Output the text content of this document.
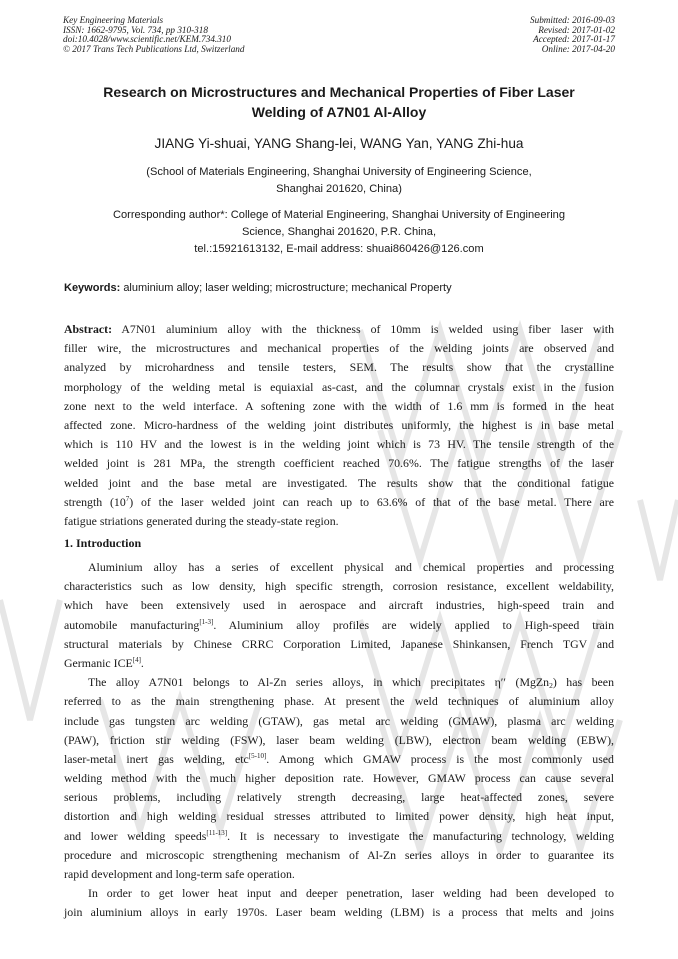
Key Engineering Materials
ISSN: 1662-9795, Vol. 734, pp 310-318
doi:10.4028/www.scientific.net/KEM.734.310
© 2017 Trans Tech Publications Ltd, Switzerland
Submitted: 2016-09-03
Revised: 2017-01-02
Accepted: 2017-01-17
Online: 2017-04-20
Research on Microstructures and Mechanical Properties of Fiber Laser
Welding of A7N01 Al-Alloy
JIANG Yi-shuai, YANG Shang-lei, WANG Yan, YANG Zhi-hua
(School of Materials Engineering, Shanghai University of Engineering Science,
Shanghai 201620, China)
Corresponding author*: College of Material Engineering, Shanghai University of Engineering
Science, Shanghai 201620, P.R. China,
tel.:15921613132, E-mail address: shuai860426@126.com
Keywords: aluminium alloy; laser welding; microstructure; mechanical Property
Abstract: A7N01 aluminium alloy with the thickness of 10mm is welded using fiber laser with
filler wire, the microstructures and mechanical properties of the welding joints are observed and
analyzed by microhardness and tensile testers, SEM. The results show that the crystalline
morphology of the welding metal is equiaxial as-cast, and the columnar crystals exist in the fusion
zone next to the weld interface. A softening zone with the width of 1.6 mm is formed in the heat
affected zone. Micro-hardness of the welding joint distributes uniformly, the highest is in base metal
which is 110 HV and the lowest is in the welding joint which is 73 HV. The tensile strength of the
welded joint is 281 MPa, the strength coefficient reached 70.6%. The fatigue strengths of the laser
welded joint and the base metal are investigated. The results show that the conditional fatigue
strength $(10^7)$ of the laser welded joint can reach up to 63.6% of that of the base metal. There are
fatigue striations generated during the steady-state region.
1. Introduction
Aluminium alloy has a series of excellent physical and chemical properties and processing
characteristics such as low density, high specific strength, corrosion resistance, excellent weldability,
which have been extensively used in aerospace and aircraft industries, high-speed train and
automobile manufacturing[1-3]. Aluminium alloy profiles are widely applied to High-speed train
structural materials by Chinese CRRC Corporation Limited, Japanese Shinkansen, French TGV and
Germanic ICE[4].
The alloy A7N01 belongs to Al-Zn series alloys, in which precipitates η′′ (MgZn$_2$) has been
referred to as the main strengthening phase. At present the weld techniques of aluminium alloy
include gas tungsten arc welding (GTAW), gas metal arc welding (GMAW), plasma arc welding
(PAW), friction stir welding (FSW), laser beam welding (LBW), electron beam welding (EBW),
laser-metal inert gas welding, etc[5-10]. Among which GMAW process is the most commonly used
welding method with the much higher deposition rate. However, GMAW process can cause several
serious problems, including relatively strength decreasing, large heat-affected zones, severe
distortion and high welding residual stresses attributed to limited power density, high heat input,
and lower welding speeds[11-13]. It is necessary to investigate the manufacturing technology, welding
procedure and microscopic strengthening mechanism of Al-Zn series alloys in order to guarantee its
rapid development and long-term safe operation.
In order to get lower heat input and deeper penetration, laser welding had been developed to
join aluminium alloys in early 1970s. Laser beam welding (LBM) is a process that melts and joins
